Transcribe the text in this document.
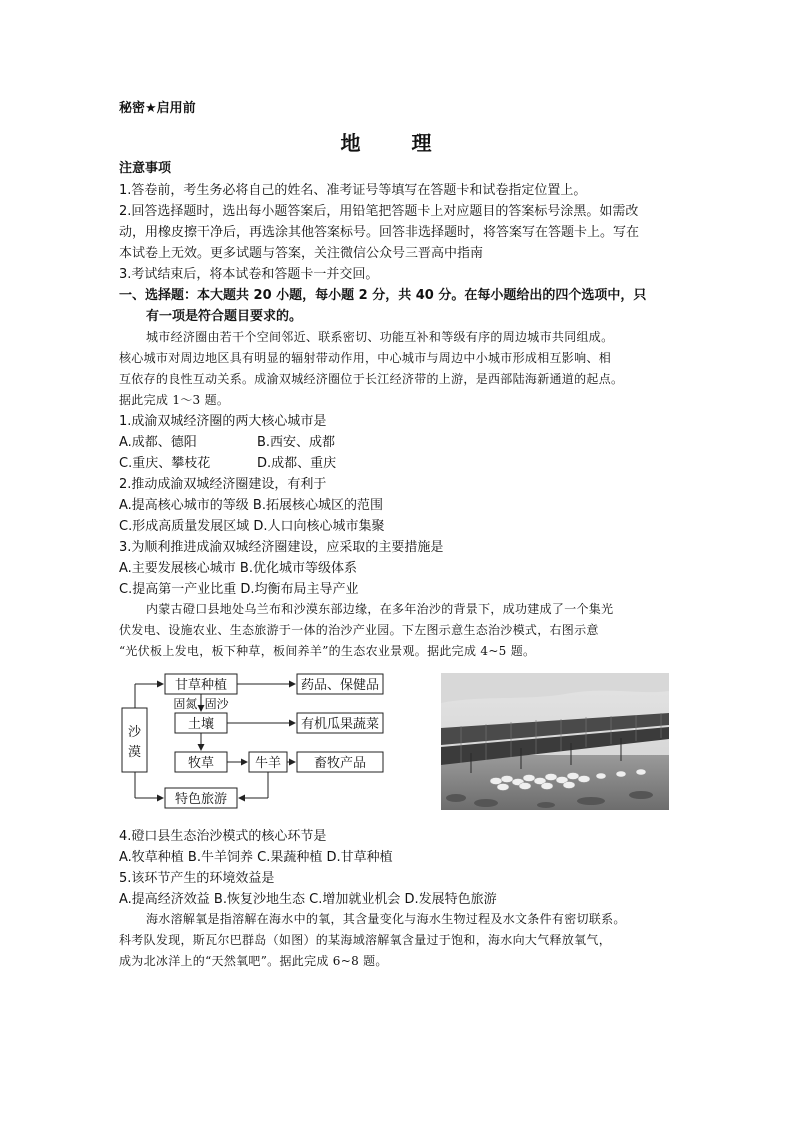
秘密★启用前
地 理
注意事项
1.答卷前，考生务必将自己的姓名、准考证号等填写在答题卡和试卷指定位置上。
2.回答选择题时，选出每小题答案后，用铅笔把答题卡上对应题目的答案标号涂黑。如需改
动，用橡皮擦干净后，再选涂其他答案标号。回答非选择题时，将答案写在答题卡上。写在
本试卷上无效。更多试题与答案，关注微信公众号三晋高中指南
3.考试结束后，将本试卷和答题卡一并交回。
一、选择题：本大题共 20 小题，每小题 2 分，共 40 分。在每小题给出的四个选项中，只
有一项是符合题目要求的。
城市经济圈由若干个空间邻近、联系密切、功能互补和等级有序的周边城市共同组成。
核心城市对周边地区具有明显的辐射带动作用，中心城市与周边中小城市形成相互影响、相
互依存的良性互动关系。成渝双城经济圈位于长江经济带的上游，是西部陆海新通道的起点。
据此完成 1～3 题。
1.成渝双城经济圈的两大核心城市是
A.成都、德阳	B.西安、成都
C.重庆、攀枝花	D.成都、重庆
2.推动成渝双城经济圈建设，有利于
A.提高核心城市的等级 B.拓展核心城区的范围
C.形成高质量发展区域 D.人口向核心城市集聚
3.为顺利推进成渝双城经济圈建设，应采取的主要措施是
A.主要发展核心城市 B.优化城市等级体系
C.提高第一产业比重 D.均衡布局主导产业
内蒙古磴口县地处乌兰布和沙漠东部边缘，在多年治沙的背景下，成功建成了一个集光
伏发电、设施农业、生态旅游于一体的治沙产业园。下左图示意生态治沙模式，右图示意
“光伏板上发电，板下种草，板间养羊”的生态农业景观。据此完成 4~5 题。
沙
漠
甘草种植	药品、保健品
固氮│固沙
土壤	有机瓜果蔬菜
牧草	牛羊	畜牧产品
特色旅游
4.磴口县生态治沙模式的核心环节是
A.牧草种植 B.牛羊饲养 C.果蔬种植 D.甘草种植
5.该环节产生的环境效益是
A.提高经济效益 B.恢复沙地生态 C.增加就业机会 D.发展特色旅游
海水溶解氧是指溶解在海水中的氧，其含量变化与海水生物过程及水文条件有密切联系。
科考队发现，斯瓦尔巴群岛（如图）的某海域溶解氧含量过于饱和，海水向大气释放氧气，
成为北冰洋上的“天然氧吧”。据此完成 6~8 题。
